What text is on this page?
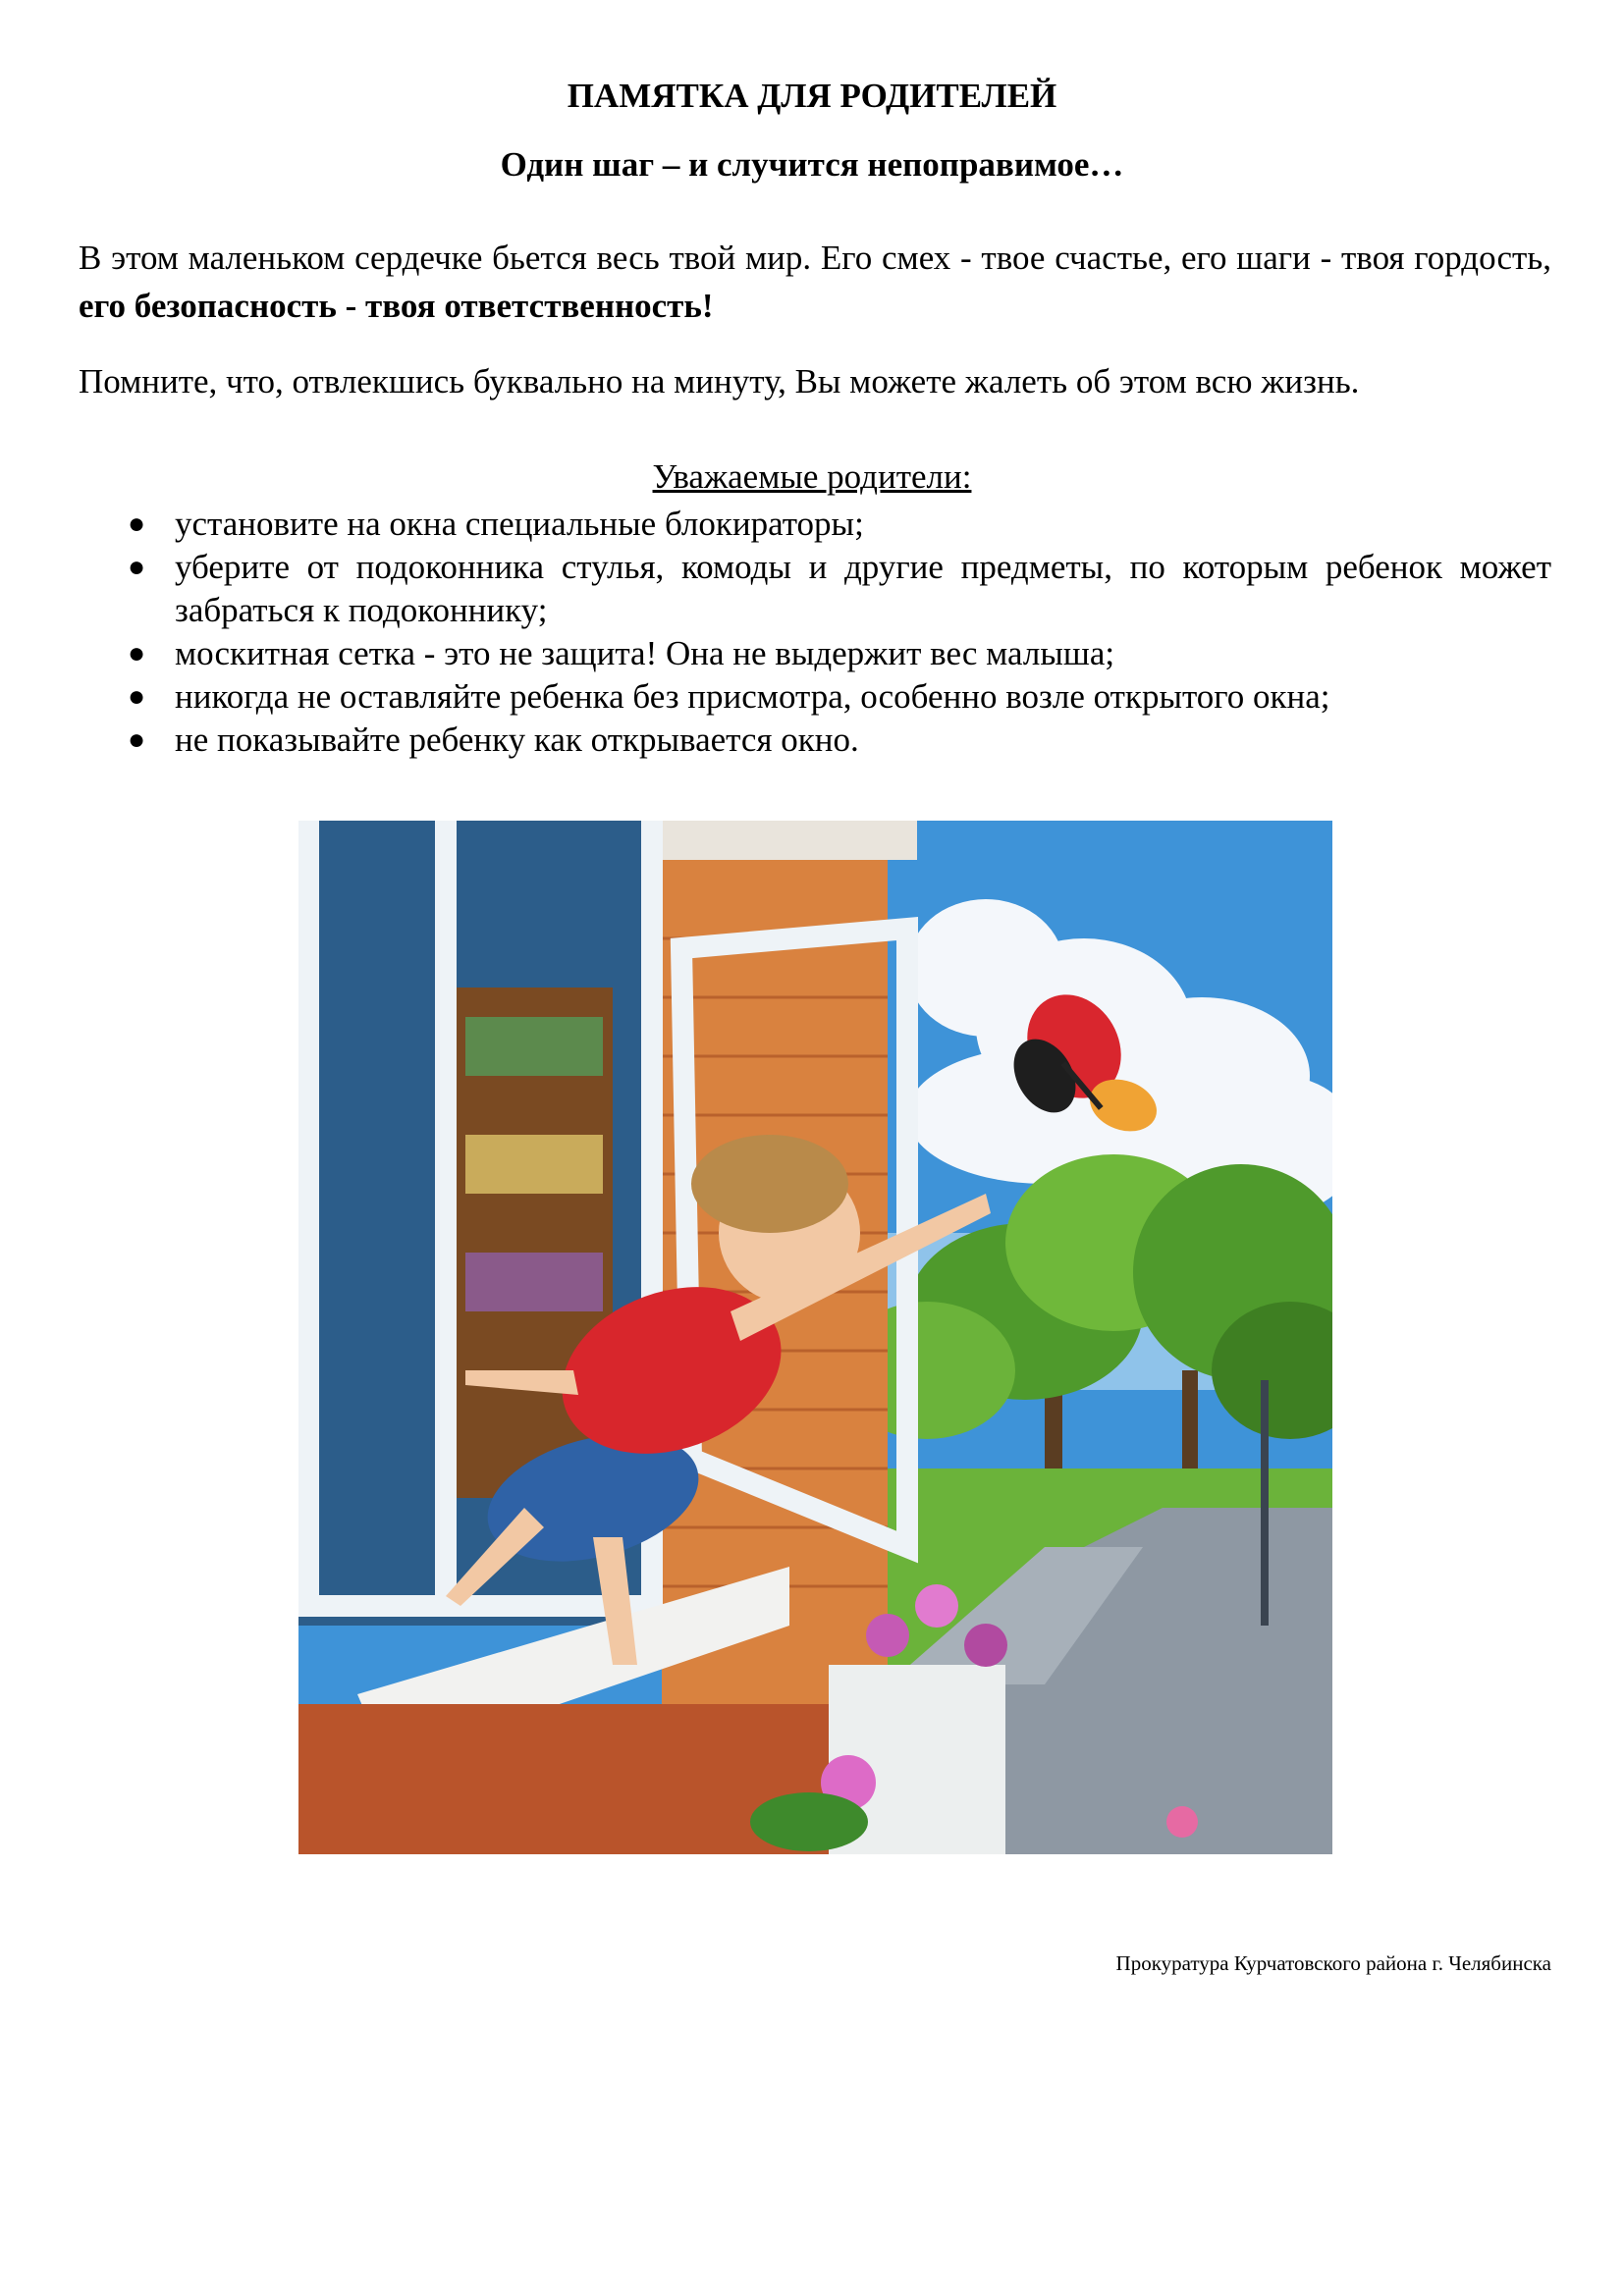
ПАМЯТКА ДЛЯ РОДИТЕЛЕЙ
Один шаг – и случится непоправимое…
В этом маленьком сердечке бьется весь твой мир. Его смех - твое счастье, его шаги - твоя гордость, его безопасность - твоя ответственность!
Помните, что, отвлекшись буквально на минуту, Вы можете жалеть об этом всю жизнь.
Уважаемые родители:
● установите на окна специальные блокираторы;
● уберите от подоконника стулья, комоды и другие предметы, по которым ребенок может забраться к подоконнику;
● москитная сетка - это не защита! Она не выдержит вес малыша;
● никогда не оставляйте ребенка без присмотра, особенно возле открытого окна;
● не показывайте ребенку как открывается окно.
Прокуратура Курчатовского района г. Челябинска
